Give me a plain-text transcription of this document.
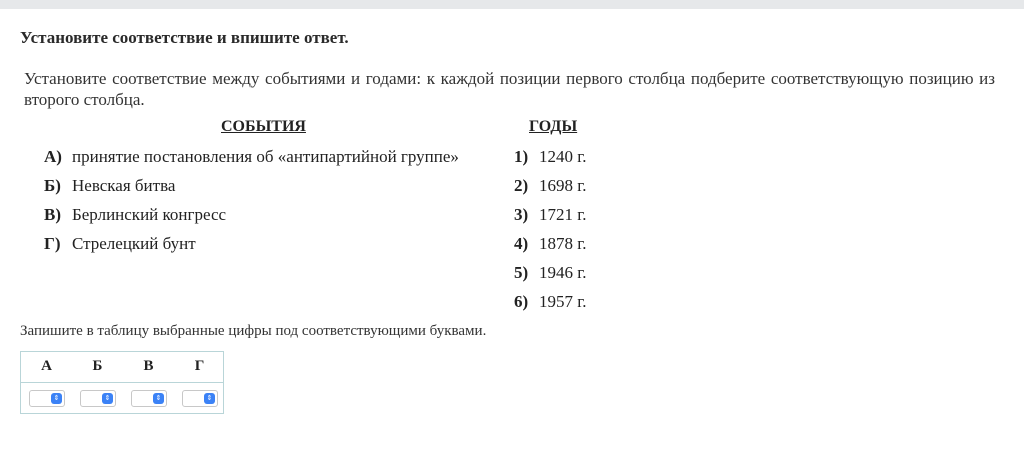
Установите соответствие и впишите ответ.
Установите соответствие между событиями и годами: к каждой позиции первого столбца подберите соответствующую позицию из второго столбца.
СОБЫТИЯ	ГОДЫ
А) принятие постановления об «антипартийной группе»
Б) Невская битва
В) Берлинский конгресс
Г) Стрелецкий бунт
1) 1240 г.
2) 1698 г.
3) 1721 г.
4) 1878 г.
5) 1946 г.
6) 1957 г.
Запишите в таблицу выбранные цифры под соответствующими буквами.
А	Б	В	Г
⇕	⇕	⇕	⇕
